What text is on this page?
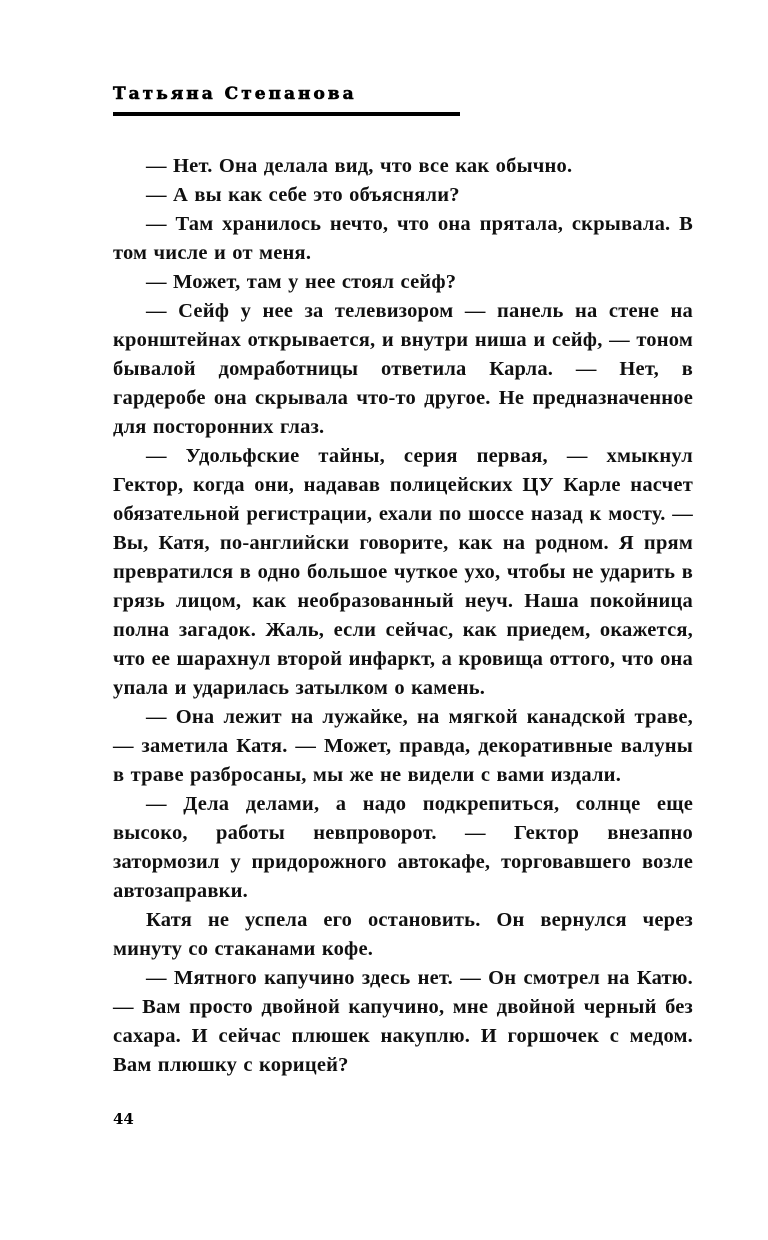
Татьяна Степанова

— Нет. Она делала вид, что все как обычно.

— А вы как себе это объясняли?

— Там хранилось нечто, что она прятала, скрывала. В том числе и от меня.

— Может, там у нее стоял сейф?

— Сейф у нее за телевизором — панель на стене на кронштейнах открывается, и внутри ниша и сейф, — тоном бывалой домработницы ответила Карла. — Нет, в гардеробе она скрывала что-то другое. Не предназначенное для посторонних глаз.

— Удольфские тайны, серия первая, — хмыкнул Гектор, когда они, надавав полицейских ЦУ Карле насчет обязательной регистрации, ехали по шоссе назад к мосту. — Вы, Катя, по-английски говорите, как на родном. Я прям превратился в одно большое чуткое ухо, чтобы не ударить в грязь лицом, как необразованный неуч. Наша покойница полна загадок. Жаль, если сейчас, как приедем, окажется, что ее шарахнул второй инфаркт, а кровища оттого, что она упала и ударилась затылком о камень.

— Она лежит на лужайке, на мягкой канадской траве, — заметила Катя. — Может, правда, декоративные валуны в траве разбросаны, мы же не видели с вами издали.

— Дела делами, а надо подкрепиться, солнце еще высоко, работы невпроворот. — Гектор внезапно затормозил у придорожного автокафе, торговавшего возле автозаправки.

Катя не успела его остановить. Он вернулся через минуту со стаканами кофе.

— Мятного капучино здесь нет. — Он смотрел на Катю. — Вам просто двойной капучино, мне двойной черный без сахара. И сейчас плюшек накуплю. И горшочек с медом. Вам плюшку с корицей?

44
